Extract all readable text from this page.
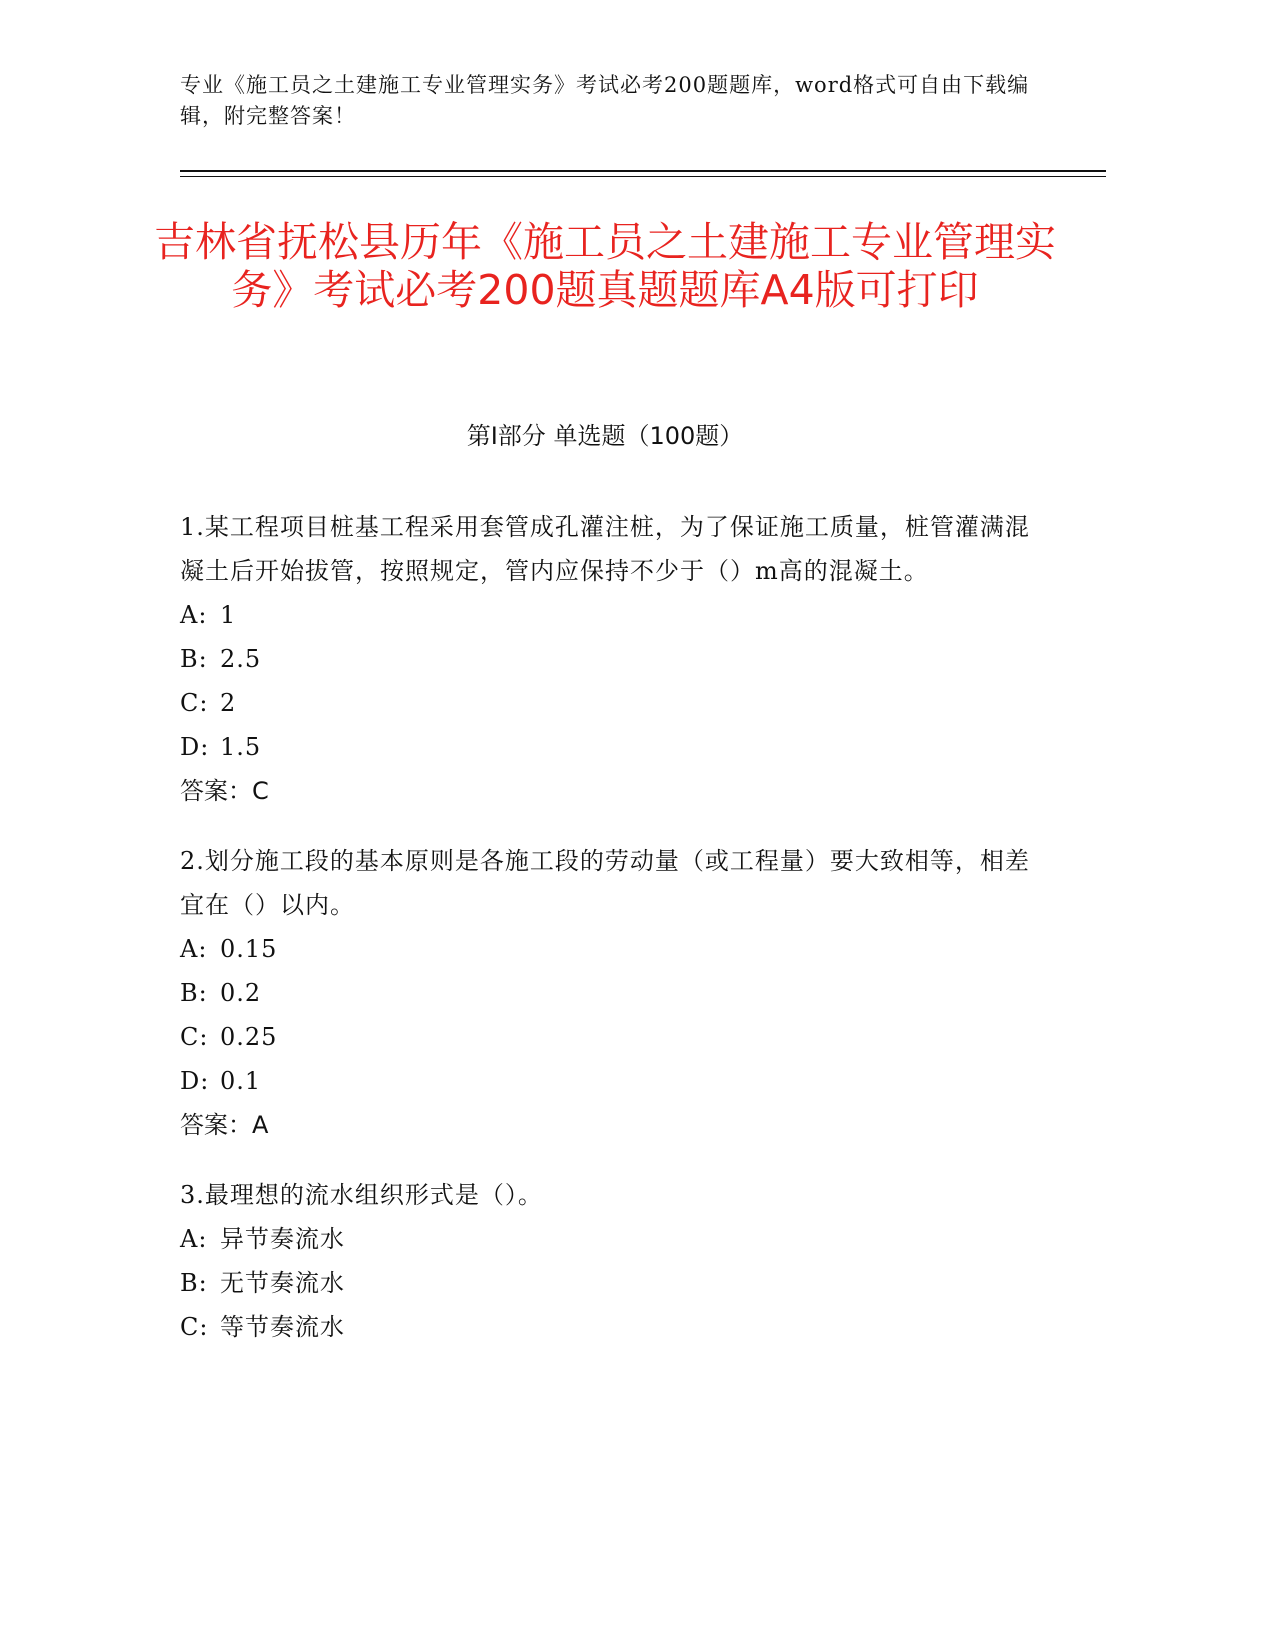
专业《施工员之土建施工专业管理实务》考试必考200题题库，word格式可自由下载编辑，附完整答案！
吉林省抚松县历年《施工员之土建施工专业管理实务》考试必考200题真题题库A4版可打印
第I部分 单选题（100题）

1.某工程项目桩基工程采用套管成孔灌注桩，为了保证施工质量，桩管灌满混凝土后开始拔管，按照规定，管内应保持不少于（）m高的混凝土。

A: 1

B: 2.5

C: 2

D: 1.5

答案：C

2.划分施工段的基本原则是各施工段的劳动量（或工程量）要大致相等，相差宜在（）以内。

A: 0.15

B: 0.2

C: 0.25

D: 0.1

答案：A

3.最理想的流水组织形式是（）。

A: 异节奏流水

B: 无节奏流水

C: 等节奏流水
